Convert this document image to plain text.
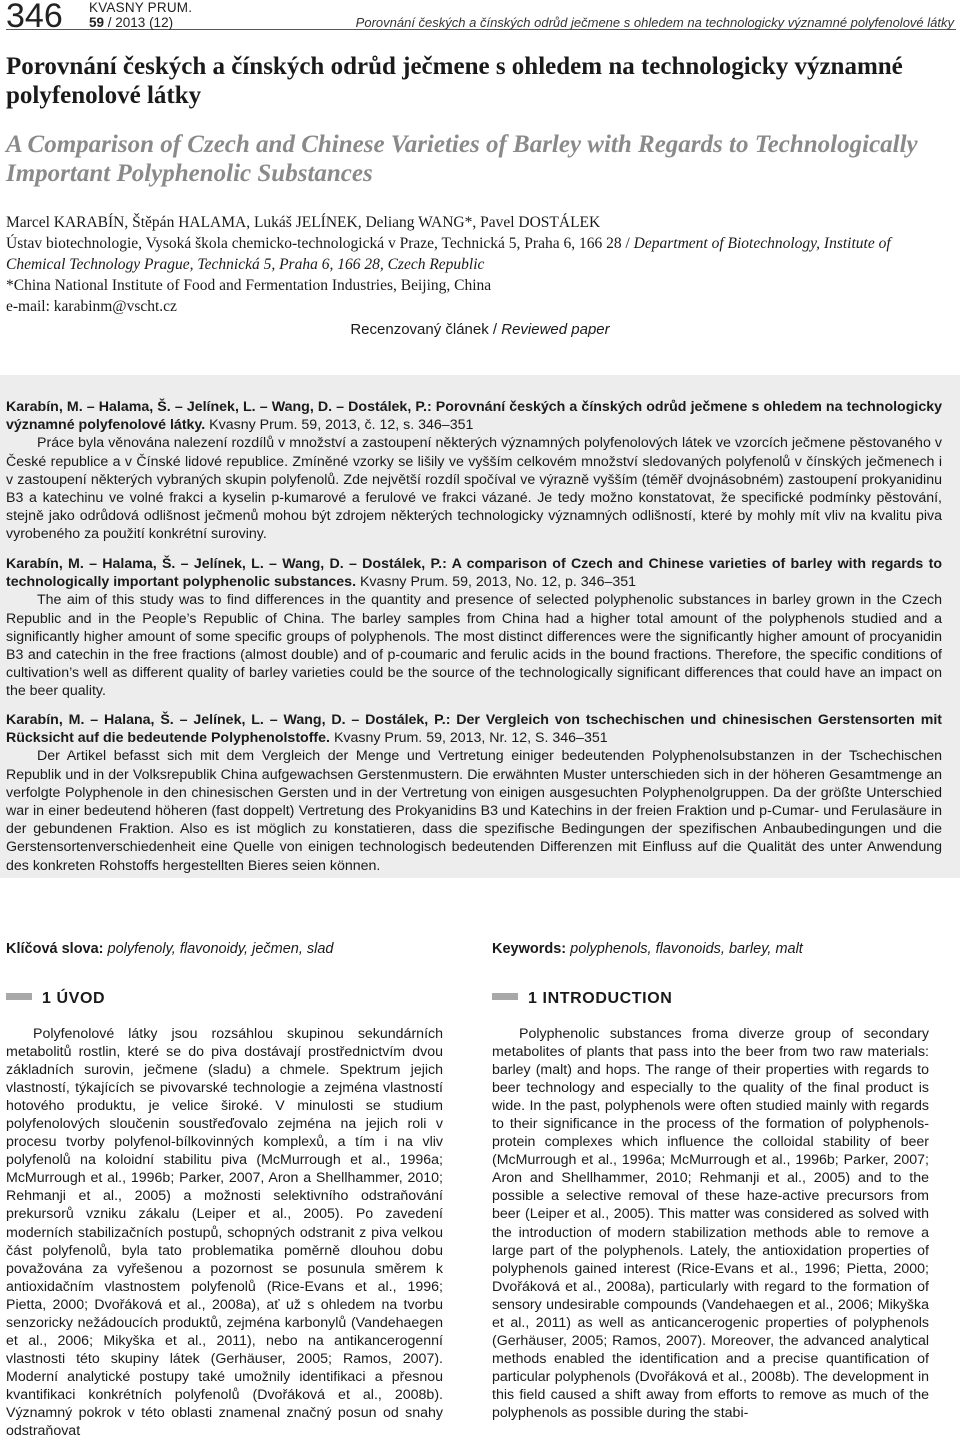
346 KVASNY PRUM.
59 / 2013 (12)	Porovnání českých a čínských odrůd ječmene s ohledem na technologicky významné polyfenolové látky
Porovnání českých a čínských odrůd ječmene s ohledem na technologicky významné polyfenolové látky
A Comparison of Czech and Chinese Varieties of Barley with Regards to Technologically Important Polyphenolic Substances
Marcel KARABÍN, Štěpán HALAMA, Lukáš JELÍNEK, Deliang WANG*, Pavel DOSTÁLEK
Ústav biotechnologie, Vysoká škola chemicko-technologická v Praze, Technická 5, Praha 6, 166 28 / Department of Biotechnology, Institute of Chemical Technology Prague, Technická 5, Praha 6, 166 28, Czech Republic
*China National Institute of Food and Fermentation Industries, Beijing, China
e-mail: karabinm@vscht.cz
Recenzovaný článek / Reviewed paper
Karabín, M. – Halama, Š. – Jelínek, L. – Wang, D. – Dostálek, P.: Porovnání českých a čínských odrůd ječmene s ohledem na technologicky významné polyfenolové látky. Kvasny Prum. 59, 2013, č. 12, s. 346–351
Práce byla věnována nalezení rozdílů v množství a zastoupení některých významných polyfenolových látek ve vzorcích ječmene pěstovaného v České republice a v Čínské lidové republice. Zmíněné vzorky se lišily ve vyšším celkovém množství sledovaných polyfenolů v čínských ječmenech i v zastoupení některých vybraných skupin polyfenolů. Zde největší rozdíl spočíval ve výrazně vyšším (téměř dvojnásobném) zastoupení prokyanidinu B3 a katechinu ve volné frakci a kyselin p-kumarové a ferulové ve frakci vázané. Je tedy možno konstatovat, že specifické podmínky pěstování, stejně jako odrůdová odlišnost ječmenů mohou být zdrojem některých technologicky významných odlišností, které by mohly mít vliv na kvalitu piva vyrobeného za použití konkrétní suroviny.
Karabín, M. – Halama, Š. – Jelínek, L. – Wang, D. – Dostálek, P.: A comparison of Czech and Chinese varieties of barley with regards to technologically important polyphenolic substances. Kvasny Prum. 59, 2013, No. 12, p. 346–351
The aim of this study was to find differences in the quantity and presence of selected polyphenolic substances in barley grown in the Czech Republic and in the People’s Republic of China. The barley samples from China had a higher total amount of the polyphenols studied and a significantly higher amount of some specific groups of polyphenols. The most distinct differences were the significantly higher amount of procyanidin B3 and catechin in the free fractions (almost double) and of p-coumaric and ferulic acids in the bound fractions. Therefore, the specific conditions of cultivation’s well as different quality of barley varieties could be the source of the technologically significant differences that could have an impact on the beer quality.
Karabín, M. – Halana, Š. – Jelínek, L. – Wang, D. – Dostálek, P.: Der Vergleich von tschechischen und chinesischen Gerstensorten mit Rücksicht auf die bedeutende Polyphenolstoffe. Kvasny Prum. 59, 2013, Nr. 12, S. 346–351
Der Artikel befasst sich mit dem Vergleich der Menge und Vertretung einiger bedeutenden Polyphenolsubstanzen in der Tschechischen Republik und in der Volksrepublik China aufgewachsen Gerstenmustern. Die erwähnten Muster unterschieden sich in der höheren Gesamtmenge an verfolgte Polyphenole in den chinesischen Gersten und in der Vertretung von einigen ausgesuchten Polyphenolgruppen. Da der größte Unterschied war in einer bedeutend höheren (fast doppelt) Vertretung des Prokyanidins B3 und Katechins in der freien Fraktion und p-Cumar- und Ferulasäure in der gebundenen Fraktion. Also es ist möglich zu konstatieren, dass die spezifische Bedingungen der spezifischen Anbaubedingungen und die Gerstensortenverschiedenheit eine Quelle von einigen technologisch bedeutenden Differenzen mit Einfluss auf die Qualität des unter Anwendung des konkreten Rohstoffs hergestellten Bieres seien können.
Klíčová slova: polyfenoly, flavonoidy, ječmen, slad	Keywords: polyphenols, flavonoids, barley, malt
1 ÚVOD	1 INTRODUCTION
Polyfenolové látky jsou rozsáhlou skupinou sekundárních metabolitů rostlin, které se do piva dostávají prostřednictvím dvou základních surovin, ječmene (sladu) a chmele. Spektrum jejich vlastností, týkajících se pivovarské technologie a zejména vlastností hotového produktu, je velice široké. V minulosti se studium polyfenolových sloučenin soustřeďovalo zejména na jejich roli v procesu tvorby polyfenol-bílkovinných komplexů, a tím i na vliv polyfenolů na koloidní stabilitu piva (McMurrough et al., 1996a; McMurrough et al., 1996b; Parker, 2007, Aron a Shellhammer, 2010; Rehmanji et al., 2005) a možnosti selektivního odstraňování prekursorů vzniku zákalu (Leiper et al., 2005). Po zavedení moderních stabilizačních postupů, schopných odstranit z piva velkou část polyfenolů, byla tato problematika poměrně dlouhou dobu považována za vyřešenou a pozornost se posunula směrem k antioxidačním vlastnostem polyfenolů (Rice-Evans et al., 1996; Pietta, 2000; Dvořáková et al., 2008a), ať už s ohledem na tvorbu senzoricky nežádoucích produktů, zejména karbonylů (Vandehaegen et al., 2006; Mikyška et al., 2011), nebo na antikancerogenní vlastnosti této skupiny látek (Gerhäuser, 2005; Ramos, 2007). Moderní analytické postupy také umožnily identifikaci a přesnou kvantifikaci konkrétních polyfenolů (Dvořáková et al., 2008b). Významný pokrok v této oblasti znamenal značný posun od snahy odstraňovat
Polyphenolic substances froma diverze group of secondary metabolites of plants that pass into the beer from two raw materials: barley (malt) and hops. The range of their properties with regards to beer technology and especially to the quality of the final product is wide. In the past, polyphenols were often studied mainly with regards to their significance in the process of the formation of polyphenols-protein complexes which influence the colloidal stability of beer (McMurrough et al., 1996a; McMurrough et al., 1996b; Parker, 2007; Aron and Shellhammer, 2010; Rehmanji et al., 2005) and to the possible a selective removal of these haze-active precursors from beer (Leiper et al., 2005). This matter was considered as solved with the introduction of modern stabilization methods able to remove a large part of the polyphenols. Lately, the antioxidation properties of polyphenols gained interest (Rice-Evans et al., 1996; Pietta, 2000; Dvořáková et al., 2008a), particularly with regard to the formation of sensory undesirable compounds (Vandehaegen et al., 2006; Mikyška et al., 2011) as well as anticancerogenic properties of polyphenols (Gerhäuser, 2005; Ramos, 2007). Moreover, the advanced analytical methods enabled the identification and a precise quantification of particular polyphenols (Dvořáková et al., 2008b). The development in this field caused a shift away from efforts to remove as much of the polyphenols as possible during the stabi-
